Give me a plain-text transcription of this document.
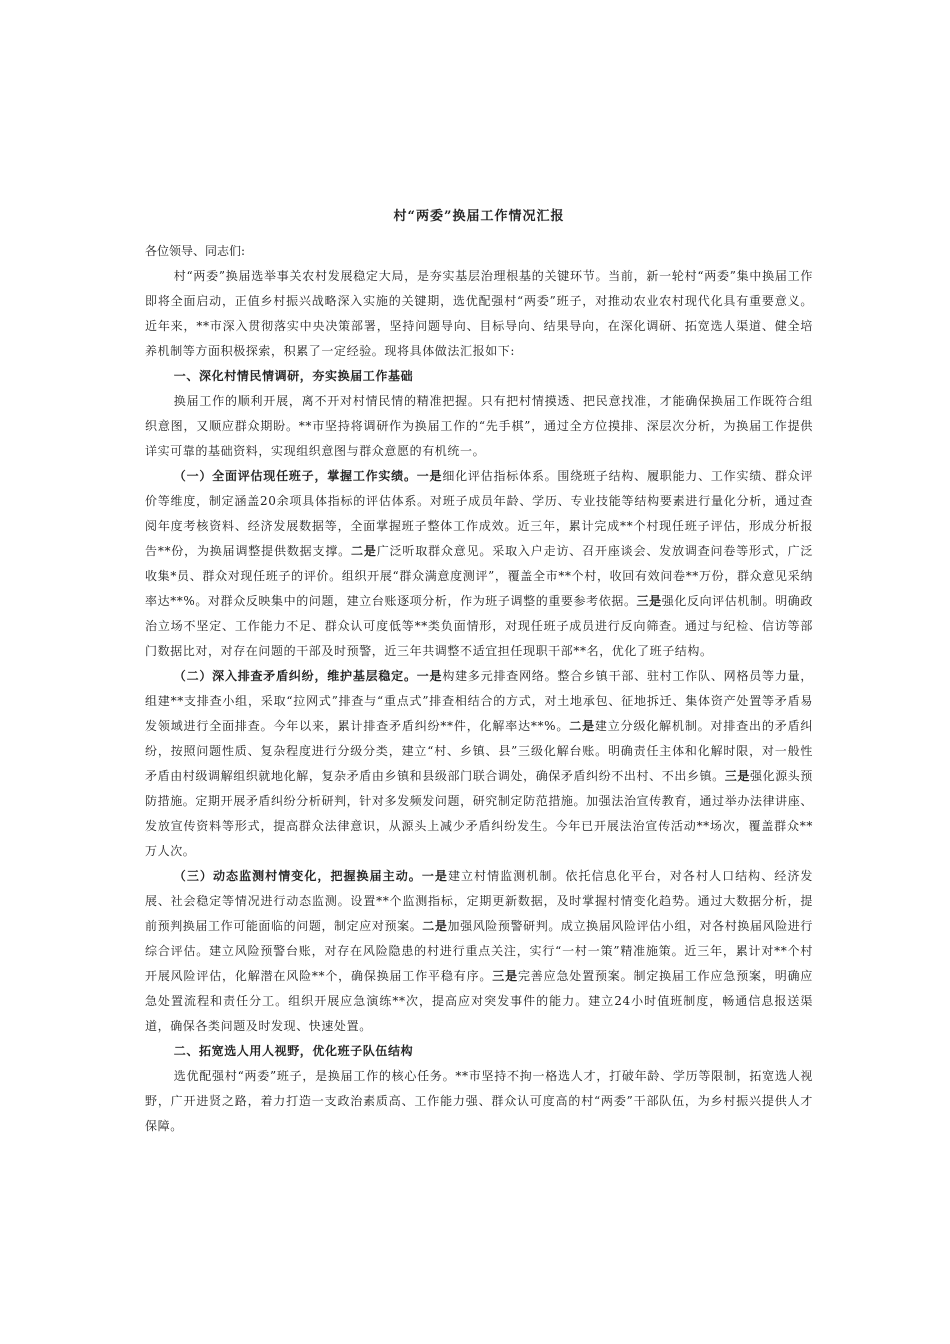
村“两委”换届工作情况汇报
各位领导、同志们:

村“两委”换届选举事关农村发展稳定大局，是夯实基层治理根基的关键环节。当前，新一轮村“两委”集中换届工作即将全面启动，正值乡村振兴战略深入实施的关键期，选优配强村“两委”班子，对推动农业农村现代化具有重要意义。近年来，**市深入贯彻落实中央决策部署，坚持问题导向、目标导向、结果导向，在深化调研、拓宽选人渠道、健全培养机制等方面积极探索，积累了一定经验。现将具体做法汇报如下:

一、深化村情民情调研，夯实换届工作基础

换届工作的顺利开展，离不开对村情民情的精准把握。只有把村情摸透、把民意找准，才能确保换届工作既符合组织意图，又顺应群众期盼。**市坚持将调研作为换届工作的“先手棋”，通过全方位摸排、深层次分析，为换届工作提供详实可靠的基础资料，实现组织意图与群众意愿的有机统一。

（一）全面评估现任班子，掌握工作实绩。一是细化评估指标体系。围绕班子结构、履职能力、工作实绩、群众评价等维度，制定涵盖20余项具体指标的评估体系。对班子成员年龄、学历、专业技能等结构要素进行量化分析，通过查阅年度考核资料、经济发展数据等，全面掌握班子整体工作成效。近三年，累计完成**个村现任班子评估，形成分析报告**份，为换届调整提供数据支撑。二是广泛听取群众意见。采取入户走访、召开座谈会、发放调查问卷等形式，广泛收集*员、群众对现任班子的评价。组织开展“群众满意度测评”，覆盖全市**个村，收回有效问卷**万份，群众意见采纳率达**%。对群众反映集中的问题，建立台账逐项分析，作为班子调整的重要参考依据。三是强化反向评估机制。明确政治立场不坚定、工作能力不足、群众认可度低等**类负面情形，对现任班子成员进行反向筛查。通过与纪检、信访等部门数据比对，对存在问题的干部及时预警，近三年共调整不适宜担任现职干部**名，优化了班子结构。

（二）深入排查矛盾纠纷，维护基层稳定。一是构建多元排查网络。整合乡镇干部、驻村工作队、网格员等力量，组建**支排查小组，采取“拉网式”排查与“重点式”排查相结合的方式，对土地承包、征地拆迁、集体资产处置等矛盾易发领域进行全面排查。今年以来，累计排查矛盾纠纷**件，化解率达**%。二是建立分级化解机制。对排查出的矛盾纠纷，按照问题性质、复杂程度进行分级分类，建立“村、乡镇、县”三级化解台账。明确责任主体和化解时限，对一般性矛盾由村级调解组织就地化解，复杂矛盾由乡镇和县级部门联合调处，确保矛盾纠纷不出村、不出乡镇。三是强化源头预防措施。定期开展矛盾纠纷分析研判，针对多发频发问题，研究制定防范措施。加强法治宣传教育，通过举办法律讲座、发放宣传资料等形式，提高群众法律意识，从源头上减少矛盾纠纷发生。今年已开展法治宣传活动**场次，覆盖群众**万人次。

（三）动态监测村情变化，把握换届主动。一是建立村情监测机制。依托信息化平台，对各村人口结构、经济发展、社会稳定等情况进行动态监测。设置**个监测指标，定期更新数据，及时掌握村情变化趋势。通过大数据分析，提前预判换届工作可能面临的问题，制定应对预案。二是加强风险预警研判。成立换届风险评估小组，对各村换届风险进行综合评估。建立风险预警台账，对存在风险隐患的村进行重点关注，实行“一村一策”精准施策。近三年，累计对**个村开展风险评估，化解潜在风险**个，确保换届工作平稳有序。三是完善应急处置预案。制定换届工作应急预案，明确应急处置流程和责任分工。组织开展应急演练**次，提高应对突发事件的能力。建立24小时值班制度，畅通信息报送渠道，确保各类问题及时发现、快速处置。

二、拓宽选人用人视野，优化班子队伍结构

选优配强村“两委”班子，是换届工作的核心任务。**市坚持不拘一格选人才，打破年龄、学历等限制，拓宽选人视野，广开进贤之路，着力打造一支政治素质高、工作能力强、群众认可度高的村“两委”干部队伍，为乡村振兴提供人才保障。
